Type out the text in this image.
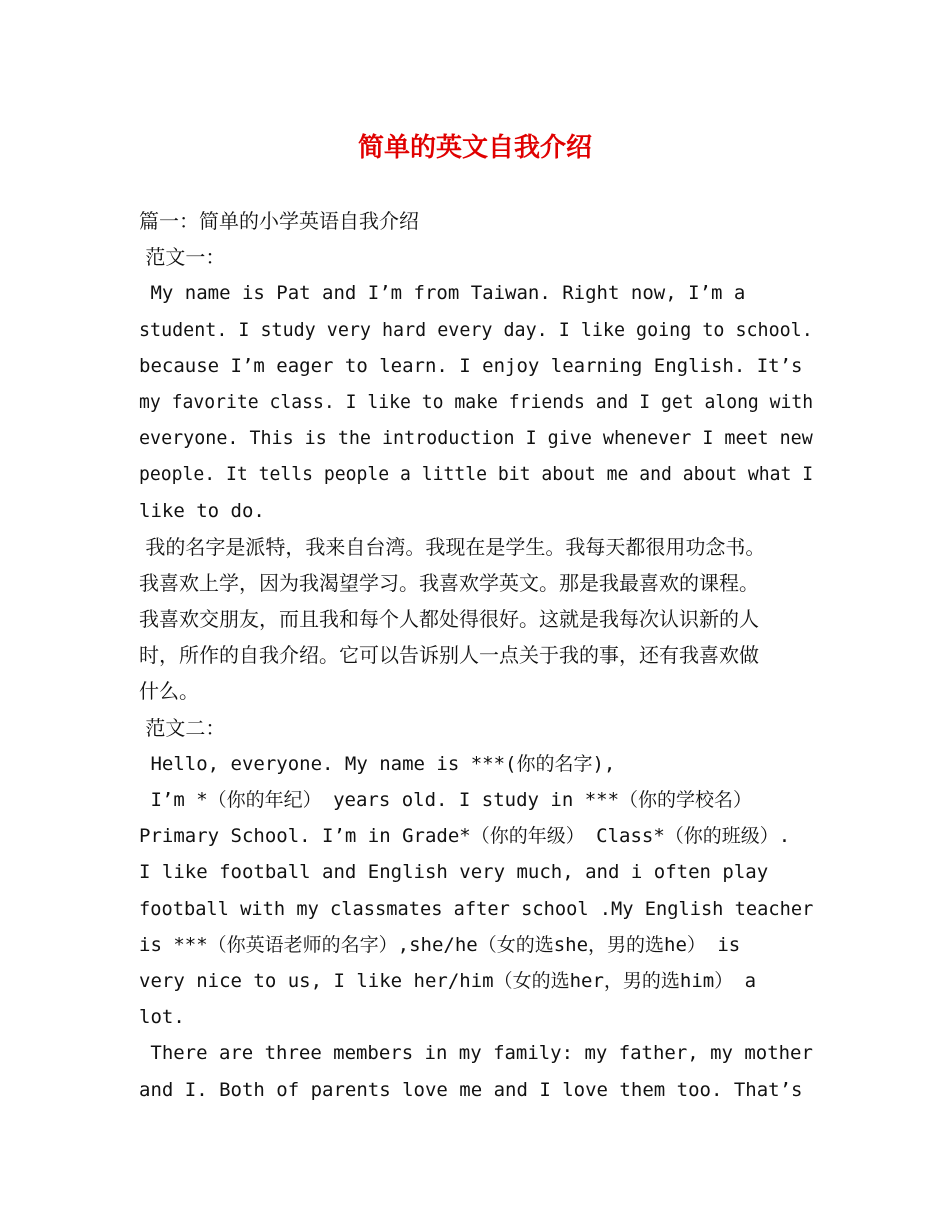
简单的英文自我介绍
篇一：简单的小学英语自我介绍
范文一：
My name is Pat and I’m from Taiwan. Right now, I’m a
student. I study very hard every day. I like going to school.
because I’m eager to learn. I enjoy learning English. It’s
my favorite class. I like to make friends and I get along with
everyone. This is the introduction I give whenever I meet new
people. It tells people a little bit about me and about what I
like to do.
我的名字是派特，我来自台湾。我现在是学生。我每天都很用功念书。
我喜欢上学，因为我渴望学习。我喜欢学英文。那是我最喜欢的课程。
我喜欢交朋友，而且我和每个人都处得很好。这就是我每次认识新的人
时，所作的自我介绍。它可以告诉别人一点关于我的事，还有我喜欢做
什么。
范文二：
Hello, everyone. My name is ***(你的名字),
I’m *（你的年纪） years old. I study in ***（你的学校名）
Primary School. I’m in Grade*（你的年级） Class*（你的班级）.
I like football and English very much, and i often play
football with my classmates after school .My English teacher
is ***（你英语老师的名字）,she/he（女的选she，男的选he） is
very nice to us, I like her/him（女的选her，男的选him） a
lot.
There are three members in my family: my father, my mother
and I. Both of parents love me and I love them too. That’s
